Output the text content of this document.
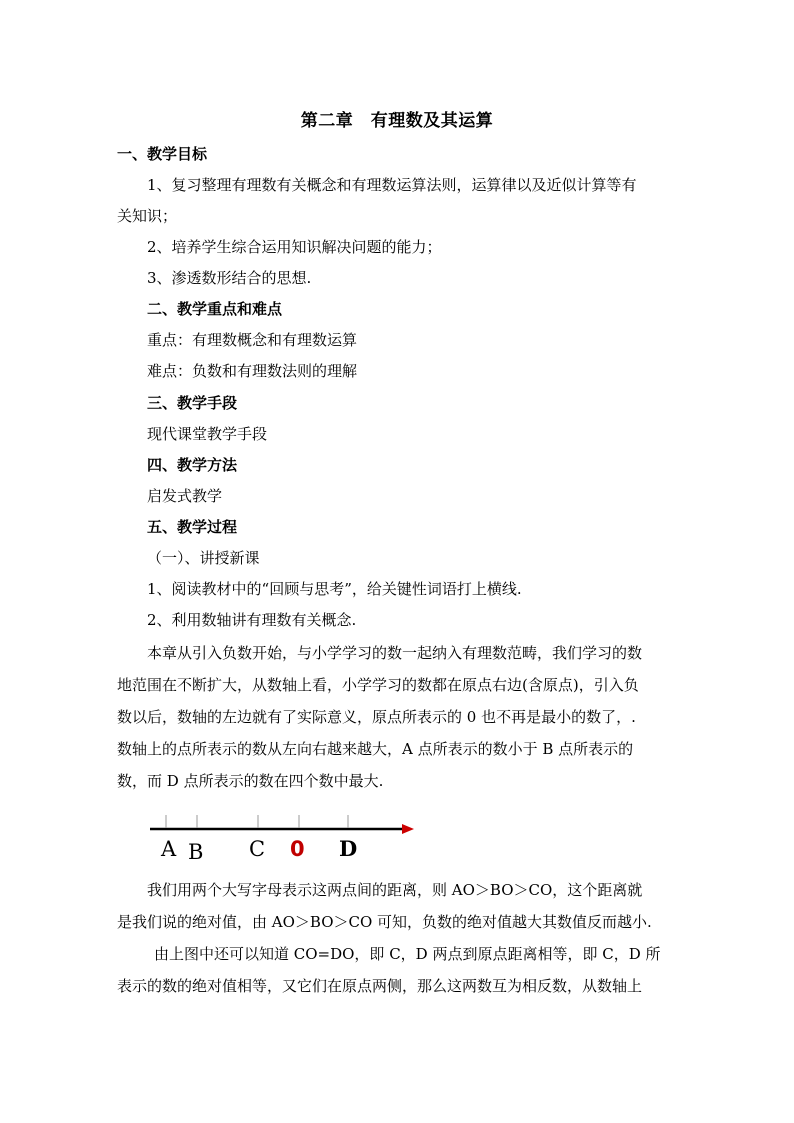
第二章　有理数及其运算
一、教学目标
1、复习整理有理数有关概念和有理数运算法则，运算律以及近似计算等有
关知识；
2、培养学生综合运用知识解决问题的能力；
3、渗透数形结合的思想.
二、教学重点和难点
重点：有理数概念和有理数运算
难点：负数和有理数法则的理解
三、教学手段
现代课堂教学手段
四、教学方法
启发式教学
五、教学过程
（一）、讲授新课
1、阅读教材中的“回顾与思考”，给关键性词语打上横线.
2、利用数轴讲有理数有关概念.
本章从引入负数开始，与小学学习的数一起纳入有理数范畴，我们学习的数
地范围在不断扩大，从数轴上看，小学学习的数都在原点右边(含原点)，引入负
数以后，数轴的左边就有了实际意义，原点所表示的 0 也不再是最小的数了，.
数轴上的点所表示的数从左向右越来越大，A 点所表示的数小于 B 点所表示的
数，而 D 点所表示的数在四个数中最大.
A B C 0 D
我们用两个大写字母表示这两点间的距离，则 AO＞BO＞CO，这个距离就
是我们说的绝对值，由 AO＞BO＞CO 可知，负数的绝对值越大其数值反而越小.
由上图中还可以知道 CO=DO，即 C，D 两点到原点距离相等，即 C，D 所
表示的数的绝对值相等，又它们在原点两侧，那么这两数互为相反数，从数轴上
